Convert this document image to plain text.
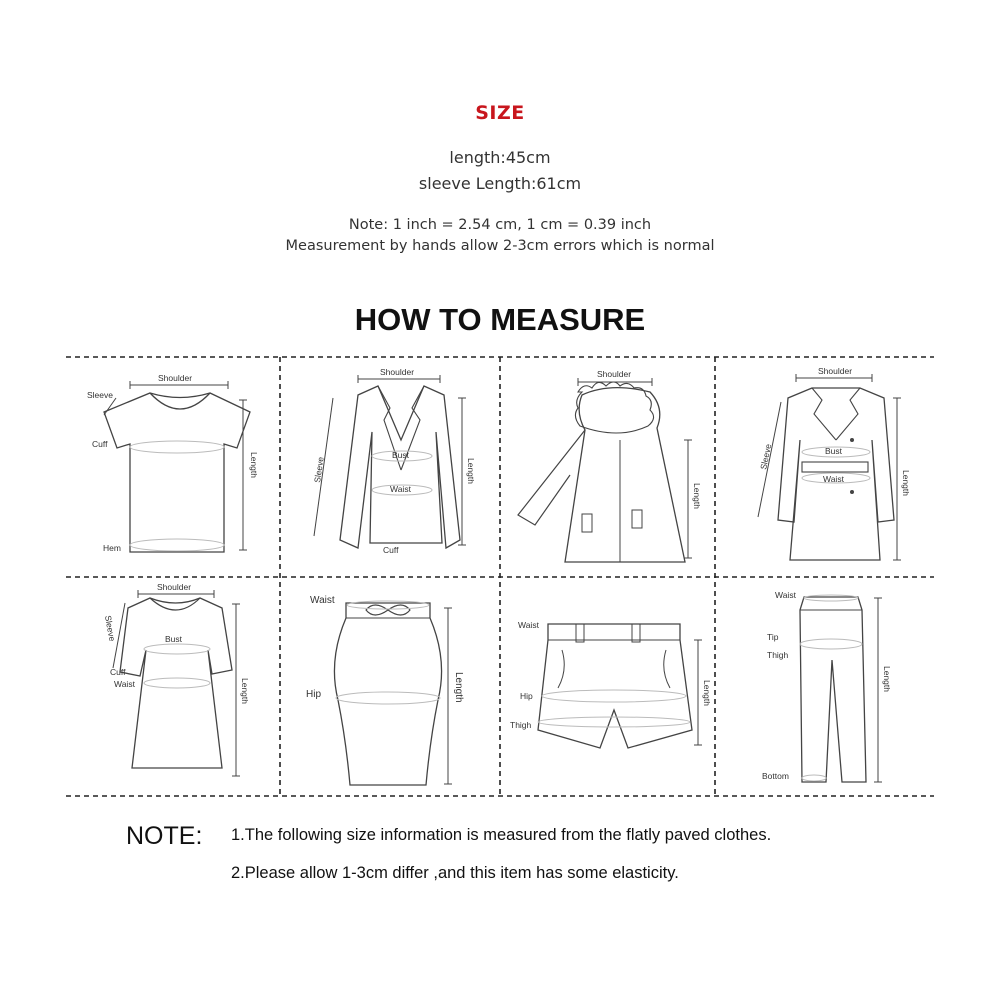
SIZE
length:45cm
sleeve Length:61cm
Note: 1 inch = 2.54 cm, 1 cm = 0.39 inch
Measurement by hands allow 2-3cm errors which is normal
HOW TO MEASURE
Shoulder
Sleeve
Cuff
Hem
Length
Shoulder
Bust
Waist
Cuff
Sleeve	Length
Shoulder
Length
Shoulder
Bust
Waist
Sleeve
Length
Shoulder
Bust
Cuff
Waist
Sleeve
Length
Waist
Hip	Length
Waist
Hip
Thigh
Length
Waist
Tip
Thigh
Bottom
Length
NOTE: 1.The following size information is measured from the flatly paved clothes.
2.Please allow 1-3cm differ ,and this item has some elasticity.
